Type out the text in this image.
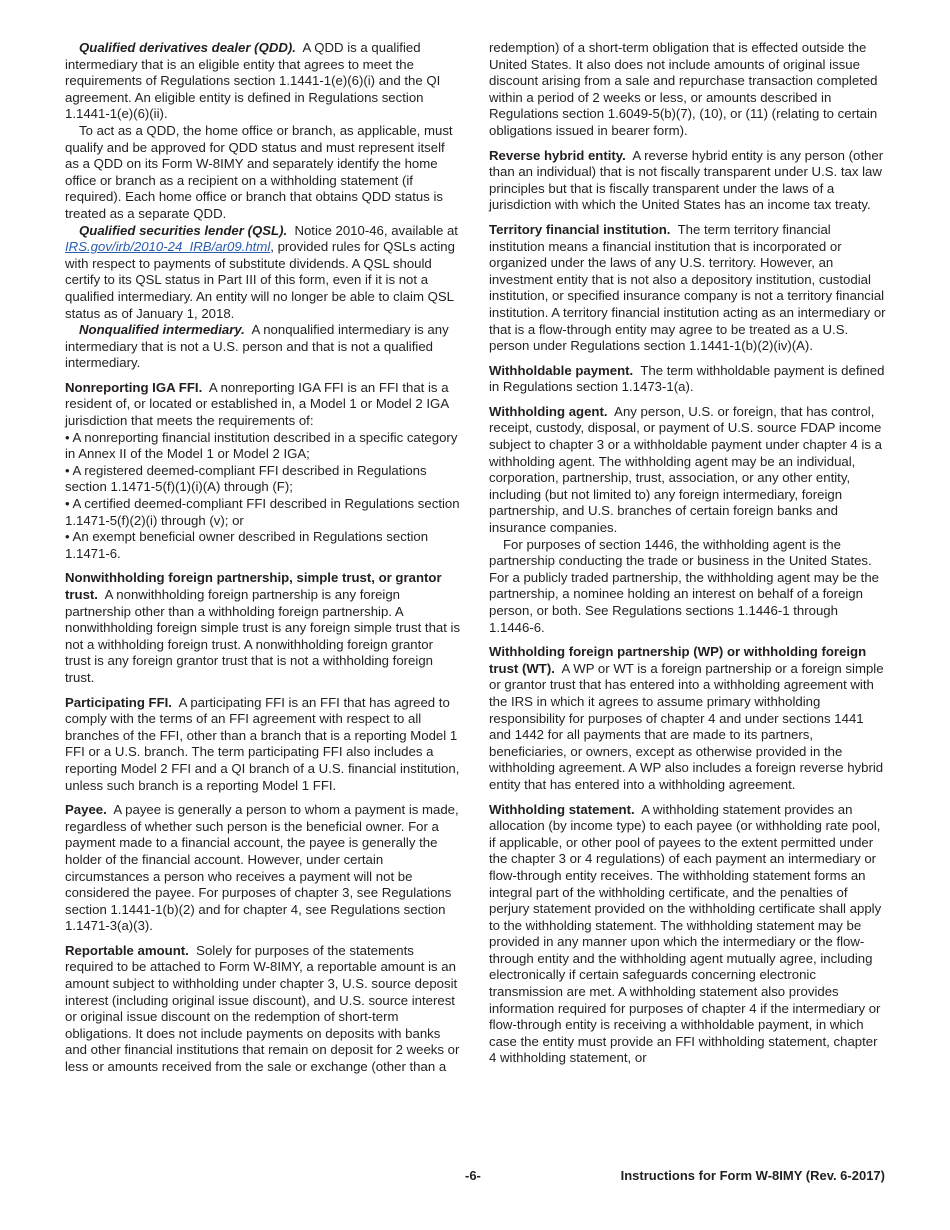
Qualified derivatives dealer (QDD). A QDD is a qualified intermediary that is an eligible entity that agrees to meet the requirements of Regulations section 1.1441-1(e)(6)(i) and the QI agreement. An eligible entity is defined in Regulations section 1.1441-1(e)(6)(ii).

To act as a QDD, the home office or branch, as applicable, must qualify and be approved for QDD status and must represent itself as a QDD on its Form W-8IMY and separately identify the home office or branch as a recipient on a withholding statement (if required). Each home office or branch that obtains QDD status is treated as a separate QDD.

Qualified securities lender (QSL). Notice 2010-46, available at IRS.gov/irb/2010-24_IRB/ar09.html, provided rules for QSLs acting with respect to payments of substitute dividends. A QSL should certify to its QSL status in Part III of this form, even if it is not a qualified intermediary. An entity will no longer be able to claim QSL status as of January 1, 2018.

Nonqualified intermediary. A nonqualified intermediary is any intermediary that is not a U.S. person and that is not a qualified intermediary.

Nonreporting IGA FFI. A nonreporting IGA FFI is an FFI that is a resident of, or located or established in, a Model 1 or Model 2 IGA jurisdiction that meets the requirements of:

• A nonreporting financial institution described in a specific category in Annex II of the Model 1 or Model 2 IGA;

• A registered deemed-compliant FFI described in Regulations section 1.1471-5(f)(1)(i)(A) through (F);

• A certified deemed-compliant FFI described in Regulations section 1.1471-5(f)(2)(i) through (v); or

• An exempt beneficial owner described in Regulations section 1.1471-6.

Nonwithholding foreign partnership, simple trust, or grantor trust. A nonwithholding foreign partnership is any foreign partnership other than a withholding foreign partnership. A nonwithholding foreign simple trust is any foreign simple trust that is not a withholding foreign trust. A nonwithholding foreign grantor trust is any foreign grantor trust that is not a withholding foreign trust.

Participating FFI. A participating FFI is an FFI that has agreed to comply with the terms of an FFI agreement with respect to all branches of the FFI, other than a branch that is a reporting Model 1 FFI or a U.S. branch. The term participating FFI also includes a reporting Model 2 FFI and a QI branch of a U.S. financial institution, unless such branch is a reporting Model 1 FFI.

Payee. A payee is generally a person to whom a payment is made, regardless of whether such person is the beneficial owner. For a payment made to a financial account, the payee is generally the holder of the financial account. However, under certain circumstances a person who receives a payment will not be considered the payee. For purposes of chapter 3, see Regulations section 1.1441-1(b)(2) and for chapter 4, see Regulations section 1.1471-3(a)(3).

Reportable amount. Solely for purposes of the statements required to be attached to Form W-8IMY, a reportable amount is an amount subject to withholding under chapter 3, U.S. source deposit interest (including original issue discount), and U.S. source interest or original issue discount on the redemption of short-term obligations. It does not include payments on deposits with banks and other financial institutions that remain on deposit for 2 weeks or less or amounts received from the sale or exchange (other than a

redemption) of a short-term obligation that is effected outside the United States. It also does not include amounts of original issue discount arising from a sale and repurchase transaction completed within a period of 2 weeks or less, or amounts described in Regulations section 1.6049-5(b)(7), (10), or (11) (relating to certain obligations issued in bearer form).

Reverse hybrid entity. A reverse hybrid entity is any person (other than an individual) that is not fiscally transparent under U.S. tax law principles but that is fiscally transparent under the laws of a jurisdiction with which the United States has an income tax treaty.

Territory financial institution. The term territory financial institution means a financial institution that is incorporated or organized under the laws of any U.S. territory. However, an investment entity that is not also a depository institution, custodial institution, or specified insurance company is not a territory financial institution. A territory financial institution acting as an intermediary or that is a flow-through entity may agree to be treated as a U.S. person under Regulations section 1.1441-1(b)(2)(iv)(A).

Withholdable payment. The term withholdable payment is defined in Regulations section 1.1473-1(a).

Withholding agent. Any person, U.S. or foreign, that has control, receipt, custody, disposal, or payment of U.S. source FDAP income subject to chapter 3 or a withholdable payment under chapter 4 is a withholding agent. The withholding agent may be an individual, corporation, partnership, trust, association, or any other entity, including (but not limited to) any foreign intermediary, foreign partnership, and U.S. branches of certain foreign banks and insurance companies.

For purposes of section 1446, the withholding agent is the partnership conducting the trade or business in the United States. For a publicly traded partnership, the withholding agent may be the partnership, a nominee holding an interest on behalf of a foreign person, or both. See Regulations sections 1.1446-1 through 1.1446-6.

Withholding foreign partnership (WP) or withholding foreign trust (WT). A WP or WT is a foreign partnership or a foreign simple or grantor trust that has entered into a withholding agreement with the IRS in which it agrees to assume primary withholding responsibility for purposes of chapter 4 and under sections 1441 and 1442 for all payments that are made to its partners, beneficiaries, or owners, except as otherwise provided in the withholding agreement. A WP also includes a foreign reverse hybrid entity that has entered into a withholding agreement.

Withholding statement. A withholding statement provides an allocation (by income type) to each payee (or withholding rate pool, if applicable, or other pool of payees to the extent permitted under the chapter 3 or 4 regulations) of each payment an intermediary or flow-through entity receives. The withholding statement forms an integral part of the withholding certificate, and the penalties of perjury statement provided on the withholding certificate shall apply to the withholding statement. The withholding statement may be provided in any manner upon which the intermediary or the flow-through entity and the withholding agent mutually agree, including electronically if certain safeguards concerning electronic transmission are met. A withholding statement also provides information required for purposes of chapter 4 if the intermediary or flow-through entity is receiving a withholdable payment, in which case the entity must provide an FFI withholding statement, chapter 4 withholding statement, or

-6-	Instructions for Form W-8IMY (Rev. 6-2017)
